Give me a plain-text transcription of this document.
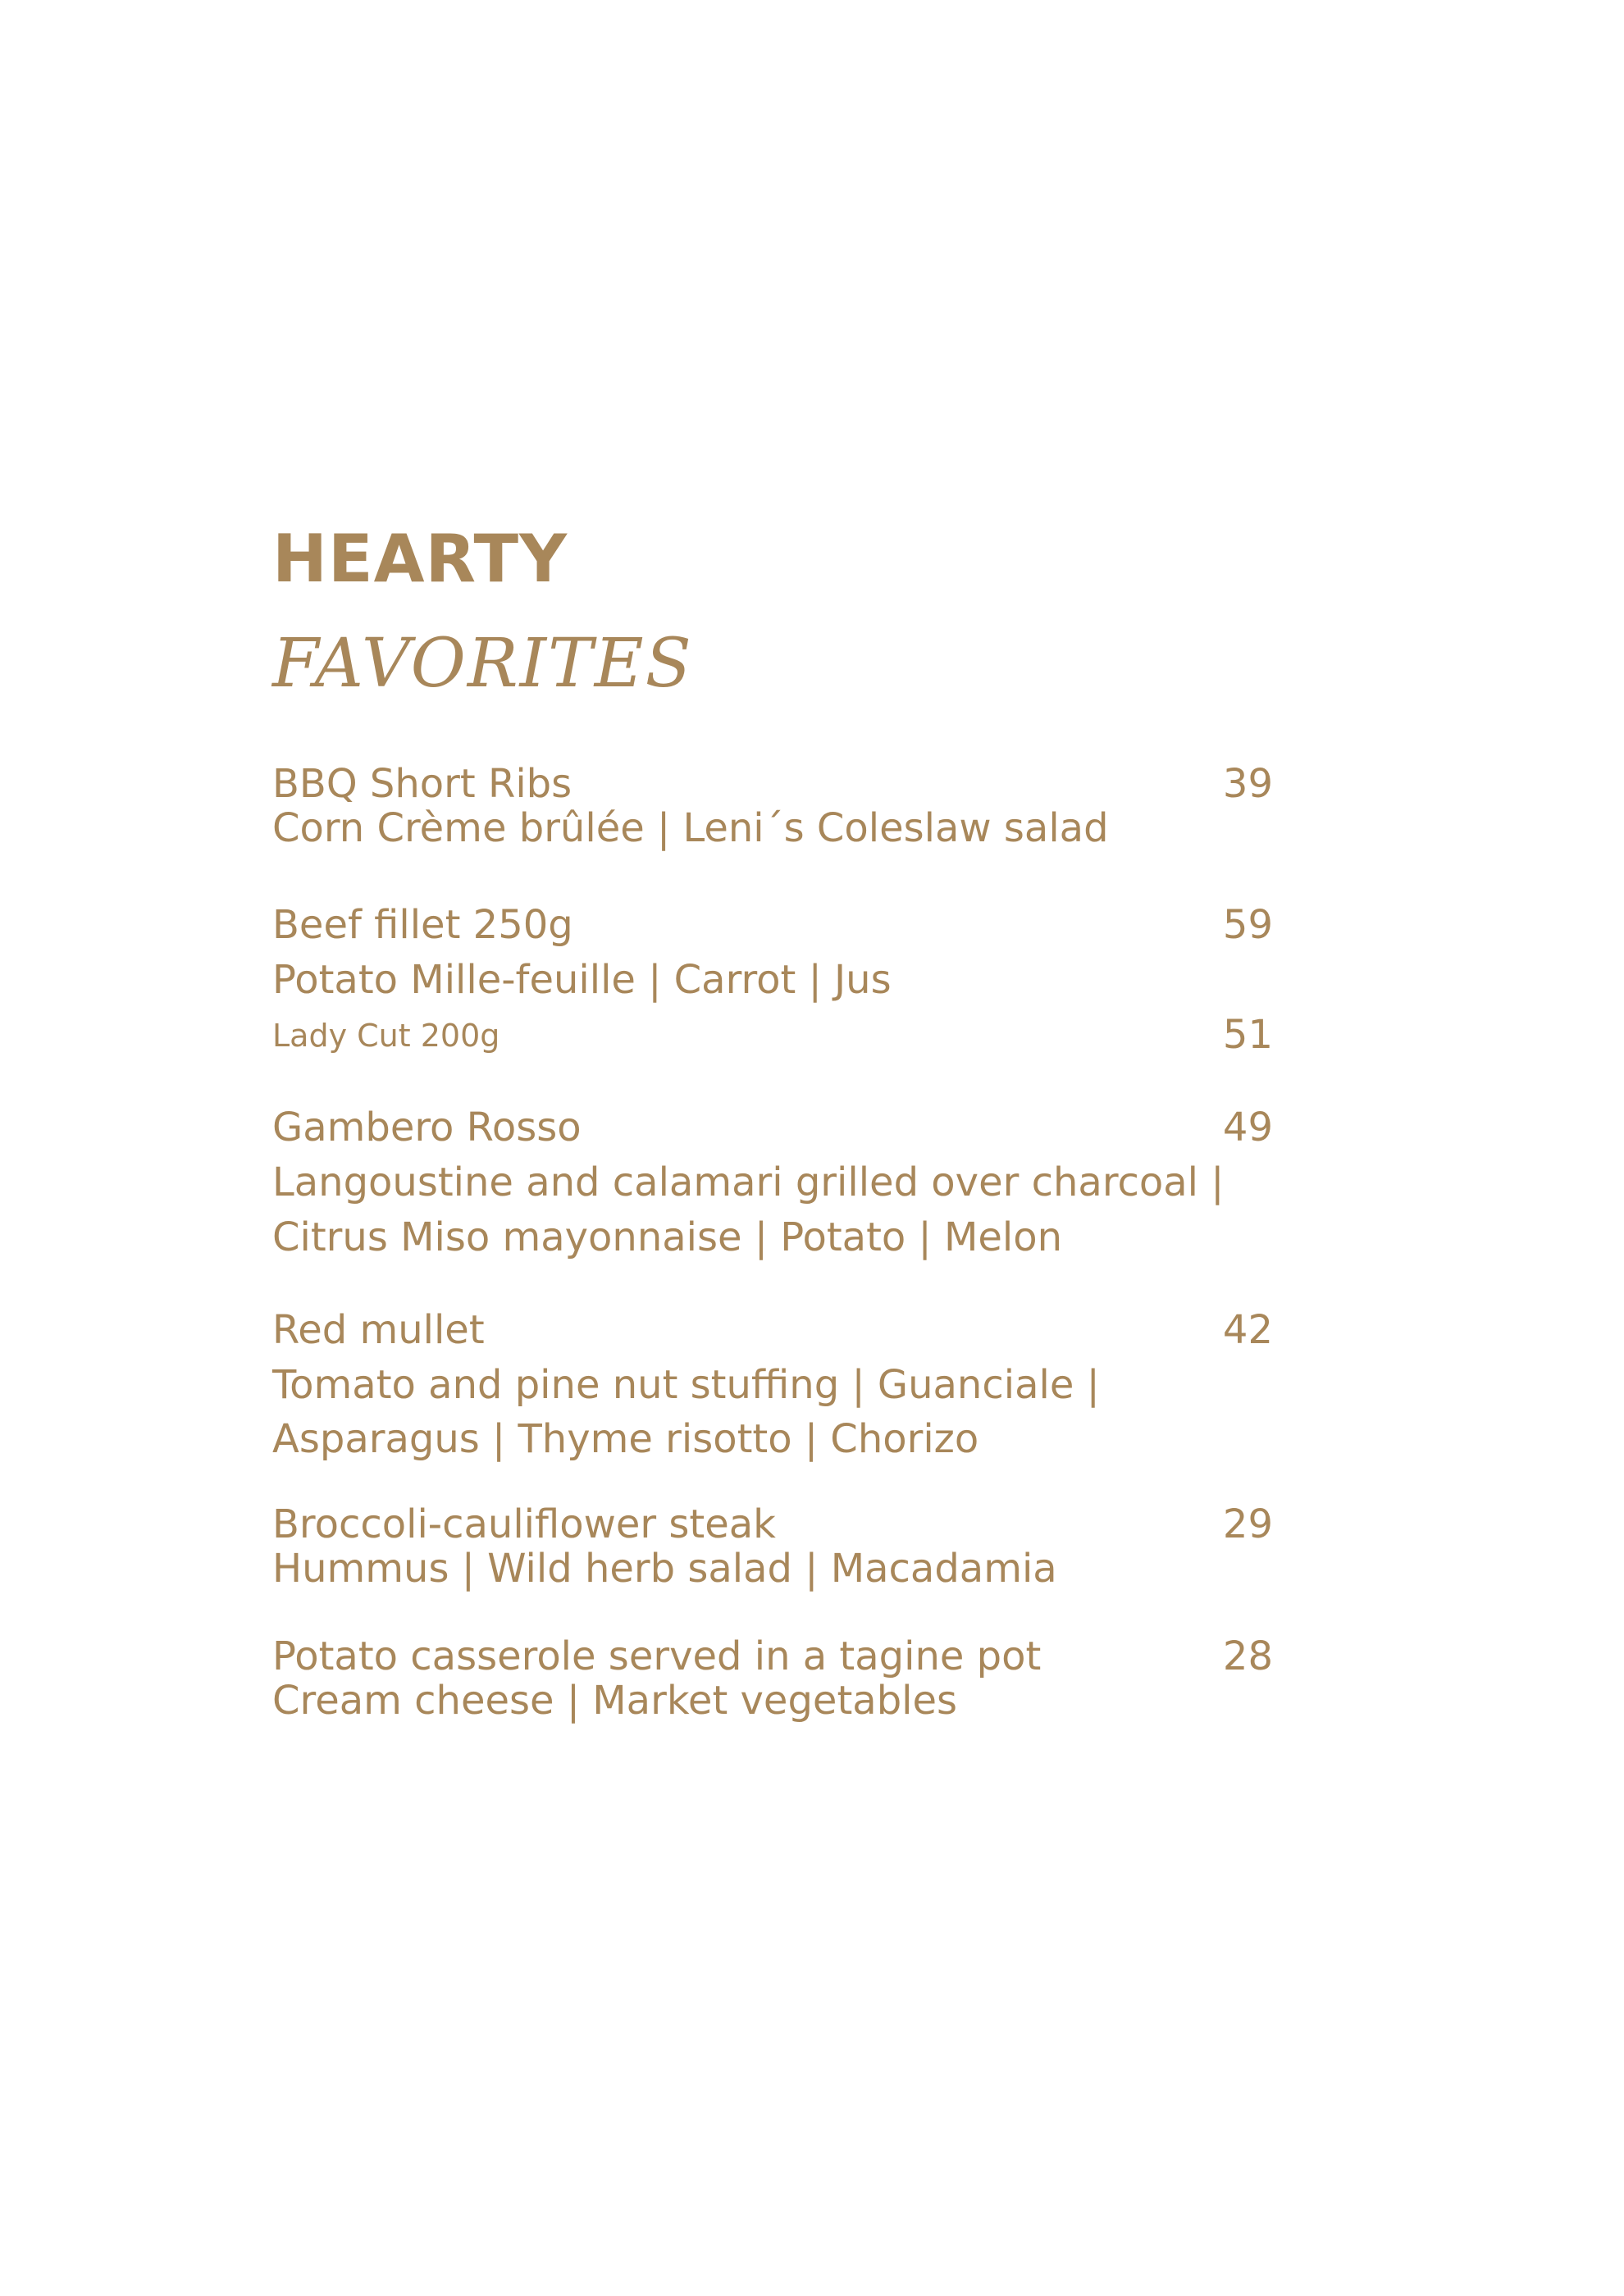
HEARTY
FAVORITES
BBQ Short Ribs	39
Corn Crème brûlée | Leni´s Coleslaw salad
Beef fillet 250g	59
Potato Mille-feuille | Carrot | Jus
Lady Cut 200g	51
Gambero Rosso	49
Langoustine and calamari grilled over charcoal |
Citrus Miso mayonnaise | Potato | Melon
Red mullet	42
Tomato and pine nut stuffing | Guanciale |
Asparagus | Thyme risotto | Chorizo
Broccoli-cauliflower steak	29
Hummus | Wild herb salad | Macadamia
Potato casserole served in a tagine pot	28
Cream cheese | Market vegetables
